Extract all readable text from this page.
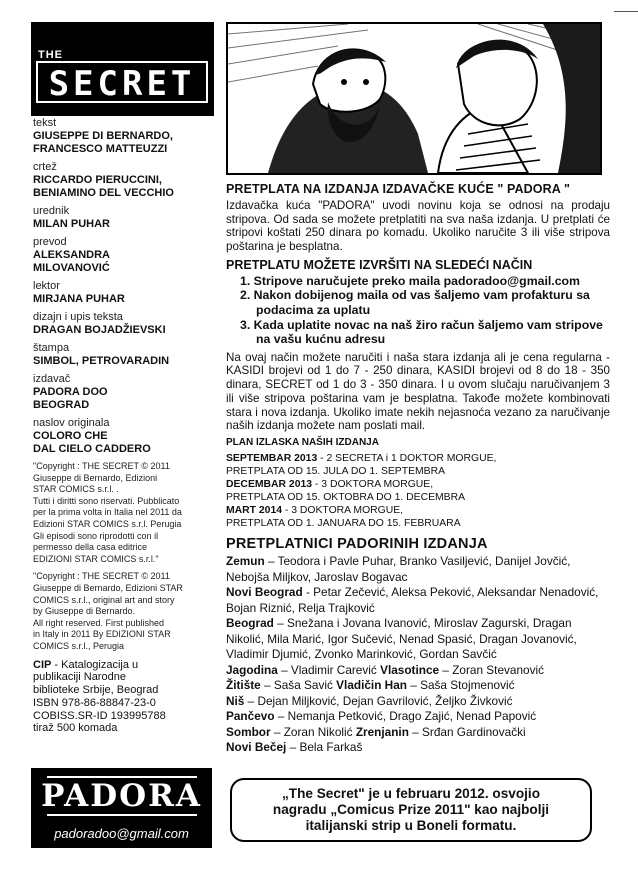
THE
SECRET
tekst
GIUSEPPE DI BERNARDO,
FRANCESCO MATTEUZZI
crtež
RICCARDO PIERUCCINI,
BENIAMINO DEL VECCHIO
urednik
MILAN PUHAR
prevod
ALEKSANDRA
MILOVANOVIĆ
lektor
MIRJANA PUHAR
dizajn i upis teksta
DRAGAN BOJADŽIEVSKI
štampa
SIMBOL, PETROVARADIN
izdavač
PADORA DOO
BEOGRAD
naslov originala
COLORO CHE
DAL CIELO CADDERO
"Copyright : THE SECRET © 2011
Giuseppe di Bernardo, Edizioni
STAR COMICS s.r.l. .
Tutti i diritti sono riservati. Pubblicato
per la prima volta in Italia nel 2011 da
Edizioni STAR COMICS s.r.l. Perugia
Gli episodi sono riprodotti con il
permesso della casa editrice
EDIZIONI STAR COMICS s.r.l."
"Copyright : THE SECRET © 2011
Giuseppe di Bernardo, Edizioni STAR
COMICS s.r.l., original art and story
by Giuseppe di Bernardo.
All right reserved. First published
in Italy in 2011 By EDIZIONI STAR
COMICS s.r.l., Perugia
CIP - Katalogizacija u
publikaciji Narodne
biblioteke Srbije, Beograd
ISBN 978-86-88847-23-0
COBISS.SR-ID 193995788
tiraž 500 komada
PADORA
padoradoo@gmail.com
PRETPLATA NA IZDANJA IZDAVAČKE KUĆE " PADORA "
Izdavačka kuća "PADORA" uvodi novinu koja se odnosi na prodaju stripova. Od sada se možete pretplatiti na sva naša izdanja. U pretplati će stripovi koštati 250 dinara po komadu. Ukoliko naručite 3 ili više stripova poštarina je besplatna.
PRETPLATU MOŽETE IZVRŠITI NA SLEDEĆI NAČIN
1. Stripove naručujete preko maila padoradoo@gmail.com
2. Nakon dobijenog maila od vas šaljemo vam profakturu sa podacima za uplatu
3. Kada uplatite novac na naš žiro račun šaljemo vam stripove na vašu kućnu adresu
Na ovaj način možete naručiti i naša stara izdanja ali je cena regularna - KASIDI brojevi od 1 do 7 - 250 dinara, KASIDI brojevi od 8 do 18 - 350 dinara, SECRET od 1 do 3 - 350 dinara. I u ovom slučaju naručivanjem 3 ili više stripova poštarina vam je besplatna. Takođe možete kombinovati stara i nova izdanja. Ukoliko imate nekih nejasnoća vezano za naručivanje naših izdanja možete nam poslati mail.
PLAN IZLASKA NAŠIH IZDANJA
SEPTEMBAR 2013 - 2 SECRETA i 1 DOKTOR MORGUE,
PRETPLATA OD 15. JULA DO 1. SEPTEMBRA
DECEMBAR 2013 - 3 DOKTORA MORGUE,
PRETPLATA OD 15. OKTOBRA DO 1. DECEMBRA
MART 2014 - 3 DOKTORA MORGUE,
PRETPLATA OD 1. JANUARA DO 15. FEBRUARA
PRETPLATNICI PADORINIH IZDANJA
Zemun – Teodora i Pavle Puhar, Branko Vasiljević, Danijel Jovčić, Nebojša Miljkov, Jaroslav Bogavac
Novi Beograd - Petar Zečević, Aleksa Peković, Aleksandar Nenadović, Bojan Riznić, Relja Trajković
Beograd – Snežana i Jovana Ivanović, Miroslav Zagurski, Dragan Nikolić, Mila Marić, Igor Sučević, Nenad Spasić, Dragan Jovanović, Vladimir Djumić, Zvonko Marinković, Gordan Savčić
Jagodina – Vladimir Carević Vlasotince – Zoran Stevanović
Žitište – Saša Savić Vladičin Han – Saša Stojmenović
Niš – Dejan Miljković, Dejan Gavrilović, Željko Živković
Pančevo – Nemanja Petković, Drago Zajić, Nenad Papović
Sombor – Zoran Nikolić Zrenjanin – Srđan Gardinovački
Novi Bečej – Bela Farkaš
„The Secret" je u februaru 2012. osvojio
nagradu „Comicus Prize 2011" kao najbolji
italijanski strip u Boneli formatu.
